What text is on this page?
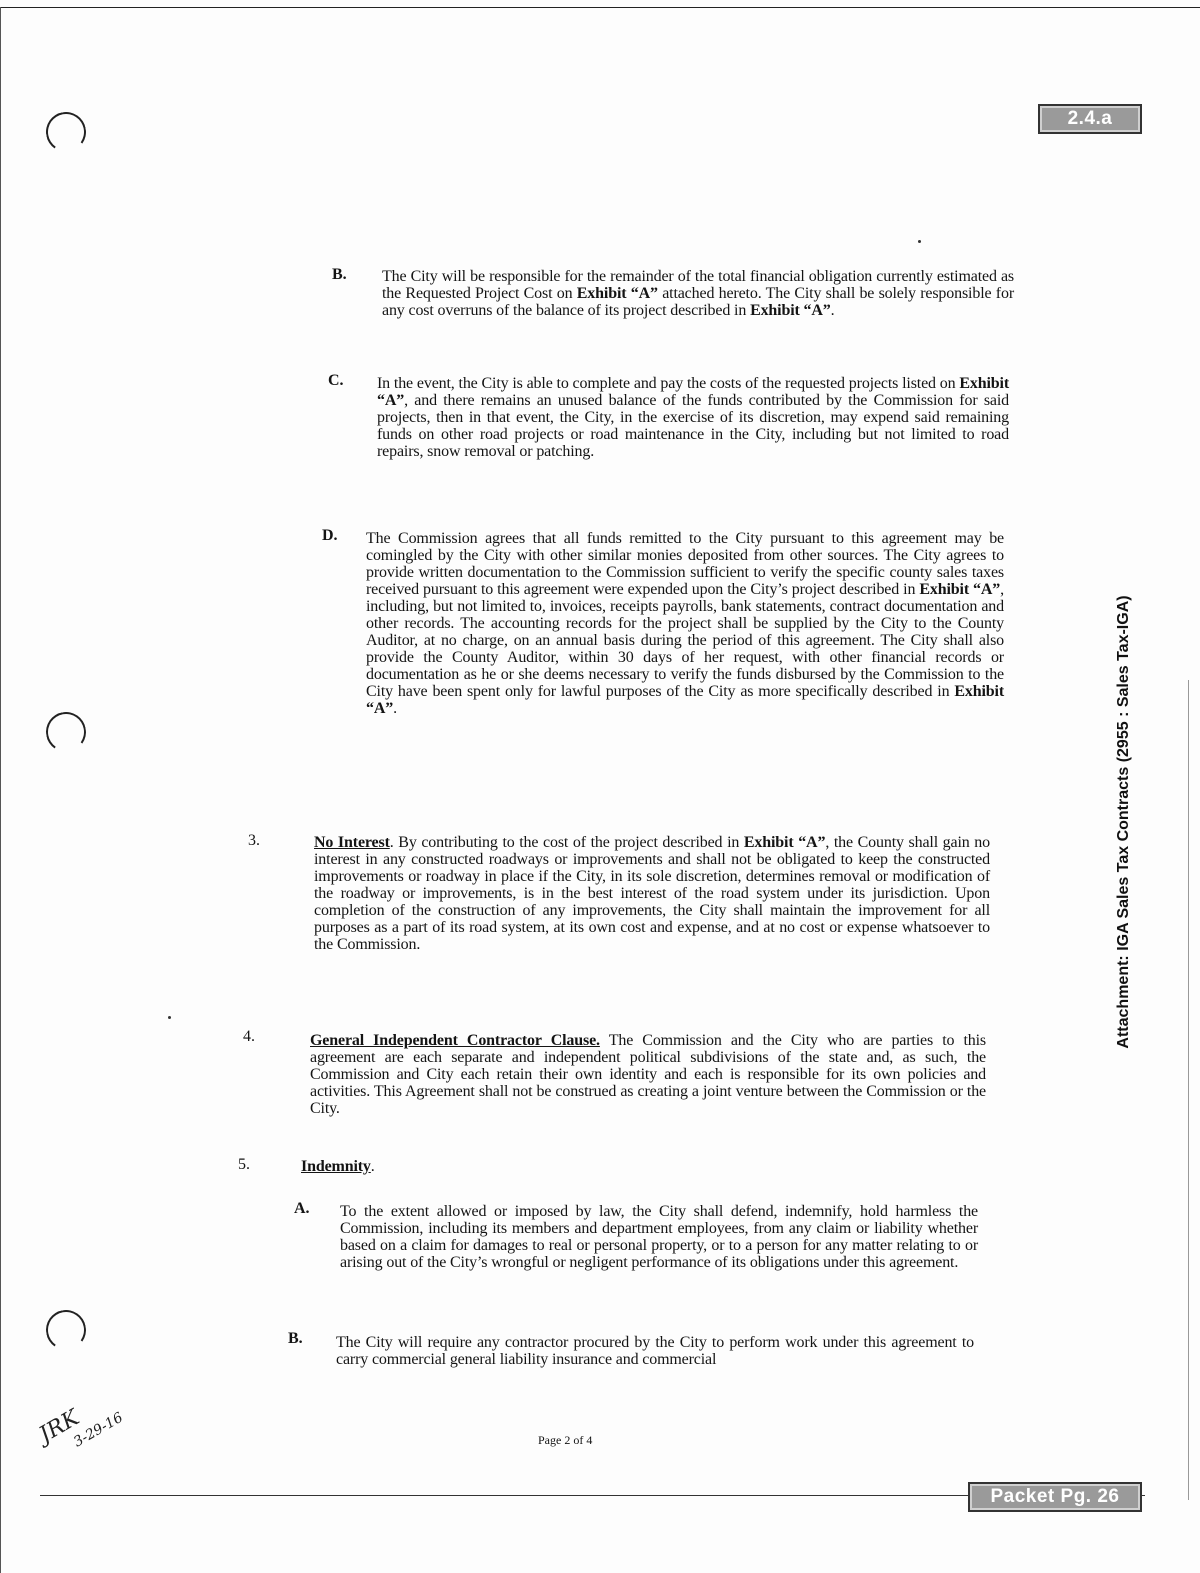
2.4.a
Attachment: IGA Sales Tax Contracts (2955 : Sales Tax-IGA)
B. The City will be responsible for the remainder of the total financial obligation currently estimated as the Requested Project Cost on Exhibit “A” attached hereto. The City shall be solely responsible for any cost overruns of the balance of its project described in Exhibit “A”.

C. In the event, the City is able to complete and pay the costs of the requested projects listed on Exhibit “A”, and there remains an unused balance of the funds contributed by the Commission for said projects, then in that event, the City, in the exercise of its discretion, may expend said remaining funds on other road projects or road maintenance in the City, including but not limited to road repairs, snow removal or patching.

D. The Commission agrees that all funds remitted to the City pursuant to this agreement may be comingled by the City with other similar monies deposited from other sources. The City agrees to provide written documentation to the Commission sufficient to verify the specific county sales taxes received pursuant to this agreement were expended upon the City’s project described in Exhibit “A”, including, but not limited to, invoices, receipts payrolls, bank statements, contract documentation and other records. The accounting records for the project shall be supplied by the City to the County Auditor, at no charge, on an annual basis during the period of this agreement. The City shall also provide the County Auditor, within 30 days of her request, with other financial records or documentation as he or she deems necessary to verify the funds disbursed by the Commission to the City have been spent only for lawful purposes of the City as more specifically described in Exhibit “A”.

3.	No Interest. By contributing to the cost of the project described in Exhibit “A”, the County shall gain no interest in any constructed roadways or improvements and shall not be obligated to keep the constructed improvements or roadway in place if the City, in its sole discretion, determines removal or modification of the roadway or improvements, is in the best interest of the road system under its jurisdiction. Upon completion of the construction of any improvements, the City shall maintain the improvement for all purposes as a part of its road system, at its own cost and expense, and at no cost or expense whatsoever to the Commission.

4.	General Independent Contractor Clause. The Commission and the City who are parties to this agreement are each separate and independent political subdivisions of the state and, as such, the Commission and City each retain their own identity and each is responsible for its own policies and activities. This Agreement shall not be construed as creating a joint venture between the Commission or the City.

5.	Indemnity.

A. To the extent allowed or imposed by law, the City shall defend, indemnify, hold harmless the Commission, including its members and department employees, from any claim or liability whether based on a claim for damages to real or personal property, or to a person for any matter relating to or arising out of the City’s wrongful or negligent performance of its obligations under this agreement.

B. The City will require any contractor procured by the City to perform work under this agreement to carry commercial general liability insurance and commercial

Page 2 of 4
JRK
3-29-16
Packet Pg. 26
